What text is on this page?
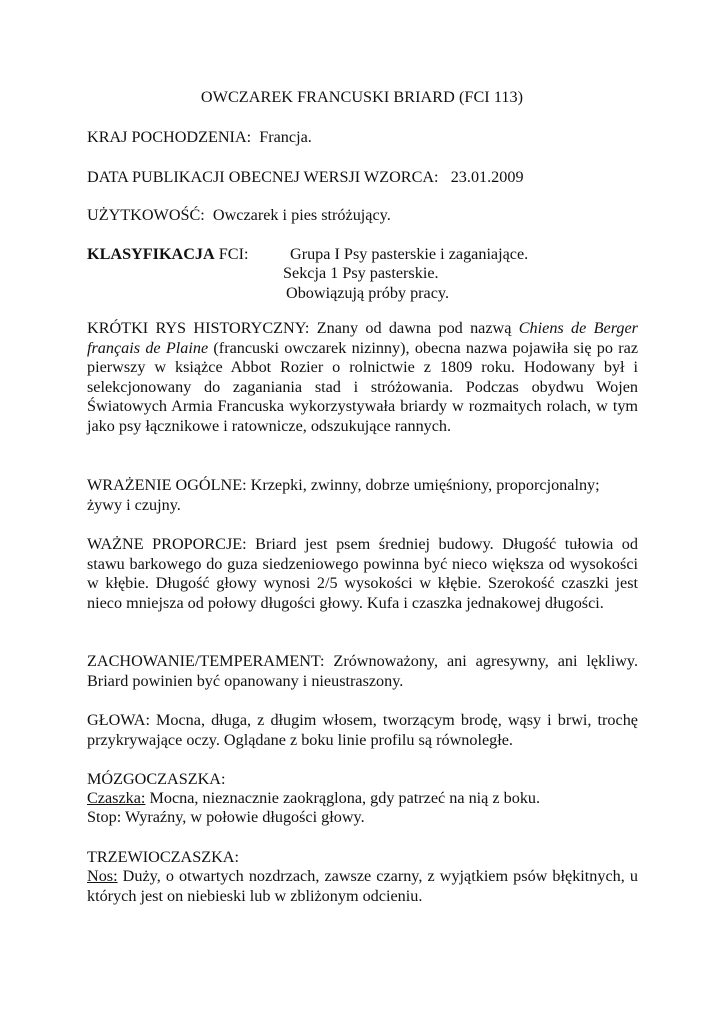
OWCZAREK FRANCUSKI BRIARD (FCI 113)
KRAJ POCHODZENIA: Francja.
DATA PUBLIKACJI OBECNEJ WERSJI WZORCA: 23.01.2009
UŻYTKOWOŚĆ: Owczarek i pies stróżujący.
KLASYFIKACJA FCI:	Grupa I Psy pasterskie i zaganiające.
Sekcja 1 Psy pasterskie.
Obowiązują próby pracy.
KRÓTKI RYS HISTORYCZNY: Znany od dawna pod nazwą Chiens de Berger français de Plaine (francuski owczarek nizinny), obecna nazwa pojawiła się po raz pierwszy w książce Abbot Rozier o rolnictwie z 1809 roku. Hodowany był i selekcjonowany do zaganiania stad i stróżowania. Podczas obydwu Wojen Światowych Armia Francuska wykorzystywała briardy w rozmaitych rolach, w tym jako psy łącznikowe i ratownicze, odszukujące rannych.
WRAŻENIE OGÓLNE: Krzepki, zwinny, dobrze umięśniony, proporcjonalny;
żywy i czujny.
WAŻNE PROPORCJE: Briard jest psem średniej budowy. Długość tułowia od stawu barkowego do guza siedzeniowego powinna być nieco większa od wysokości w kłębie. Długość głowy wynosi 2/5 wysokości w kłębie. Szerokość czaszki jest nieco mniejsza od połowy długości głowy. Kufa i czaszka jednakowej długości.
ZACHOWANIE/TEMPERAMENT: Zrównoważony, ani agresywny, ani lękliwy. Briard powinien być opanowany i nieustraszony.
GŁOWA: Mocna, długa, z długim włosem, tworzącym brodę, wąsy i brwi, trochę przykrywające oczy. Oglądane z boku linie profilu są równoległe.
MÓZGOCZASZKA:
Czaszka: Mocna, nieznacznie zaokrąglona, gdy patrzeć na nią z boku.
Stop: Wyraźny, w połowie długości głowy.
TRZEWIOCZASZKA:
Nos: Duży, o otwartych nozdrzach, zawsze czarny, z wyjątkiem psów błękitnych, u których jest on niebieski lub w zbliżonym odcieniu.
